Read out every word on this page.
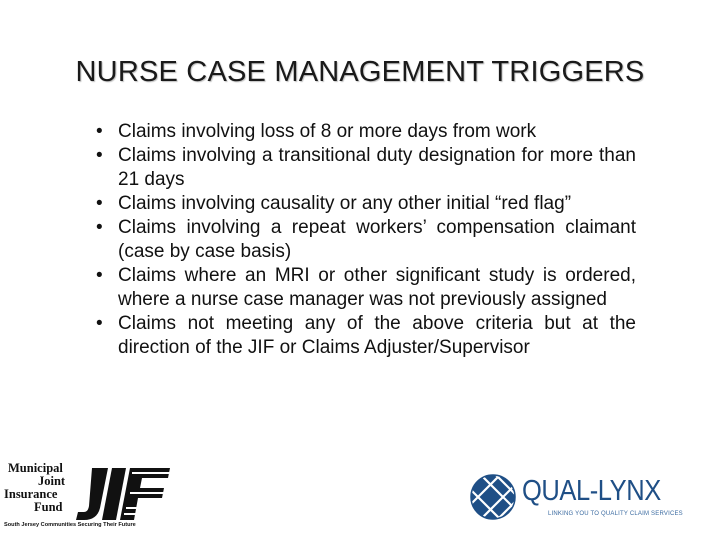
NURSE CASE MANAGEMENT TRIGGERS
• Claims involving loss of 8 or more days from work
• Claims involving a transitional duty designation for more than 21 days
• Claims involving causality or any other initial “red flag”
• Claims involving a repeat workers’ compensation claimant (case by case basis)
• Claims where an MRI or other significant study is ordered, where a nurse case manager was not previously assigned
• Claims not meeting any of the above criteria but at the direction of the JIF or Claims Adjuster/Supervisor
Municipal
Joint
Insurance
Fund
South Jersey Communities Securing Their Future
QUAL-LYNX
LINKING YOU TO QUALITY CLAIM SERVICES
